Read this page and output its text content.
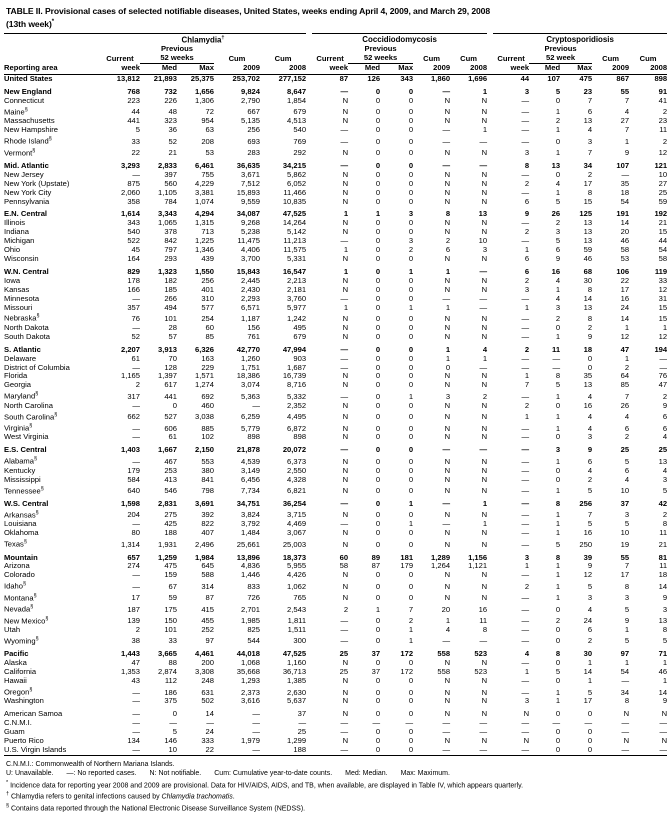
TABLE II. Provisional cases of selected notifiable diseases, United States, weeks ending April 4, 2009, and March 29, 2008
(13th week)*
	Chlamydia†						Coccidiodomycosis						Cryptosporidiosis				
		Previous						Previous						Previous			
	Current	52 weeks		Cum	Cum		Current	52 weeks		Cum	Cum		Current	52 week		Cum	Cum
Reporting area	week	Med	Max	2009	2008		week	Med	Max	2009	2008		week	Med	Max	2009	2008

United States	13,812	21,893	25,375	253,702	277,152		87	126	343	1,860	1,696		44	107	475	867	898

New England	768	732	1,656	9,824	8,647		—	0	0	—	1		3	5	23	55	91
Connecticut	223	226	1,306	2,790	1,854		N	0	0	N	N		—	0	7	7	41
Maine§	44	48	72	667	679		N	0	0	N	N		—	1	6	4	2
Massachusetts	441	323	954	5,135	4,513		N	0	0	N	N		—	2	13	27	23
New Hampshire	5	36	63	256	540		—	0	0	—	1		—	1	4	7	11
Rhode Island§	33	52	208	693	769		—	0	0	—	—		—	0	3	1	2
Vermont§	22	21	53	283	292		N	0	0	N	N		3	1	7	9	12

Mid. Atlantic	3,293	2,833	6,461	36,635	34,215		—	0	0	—	—		8	13	34	107	121
New Jersey	—	397	755	3,671	5,862		N	0	0	N	N		—	0	2	—	10
New York (Upstate)	875	560	4,229	7,512	6,052		N	0	0	N	N		2	4	17	35	27
New York City	2,060	1,105	3,381	15,893	11,466		N	0	0	N	N		—	1	8	18	25
Pennsylvania	358	784	1,074	9,559	10,835		N	0	0	N	N		6	5	15	54	59

E.N. Central	1,614	3,343	4,294	34,087	47,525		1	1	3	8	13		9	26	125	191	192
Illinois	343	1,065	1,315	9,268	14,264		N	0	0	N	N		—	2	13	14	21
Indiana	540	378	713	5,238	5,142		N	0	0	N	N		2	3	13	20	15
Michigan	522	842	1,225	11,475	11,213		—	0	3	2	10		—	5	13	46	44
Ohio	45	797	1,346	4,406	11,575		1	0	2	6	3		1	6	59	58	54
Wisconsin	164	293	439	3,700	5,331		N	0	0	N	N		6	9	46	53	58

W.N. Central	829	1,323	1,550	15,843	16,547		1	0	1	1	—		6	16	68	106	119
Iowa	178	182	256	2,445	2,213		N	0	0	N	N		2	4	30	22	33
Kansas	166	185	401	2,430	2,181		N	0	0	N	N		3	1	8	17	12
Minnesota	—	266	310	2,293	3,760		—	0	0	—	—		—	4	14	16	31
Missouri	357	494	577	6,571	5,977		1	0	1	1	—		1	3	13	24	15
Nebraska§	76	101	254	1,187	1,242		N	0	0	N	N		—	2	8	14	15
North Dakota	—	28	60	156	495		N	0	0	N	N		—	0	2	1	1
South Dakota	52	57	85	761	679		N	0	0	N	N		—	1	9	12	12

S. Atlantic	2,207	3,913	6,326	42,770	47,994		—	0	0	1	4		2	11	18	47	194
Delaware	61	70	163	1,260	903		—	0	0	1	1		—	—	0	1	—
District of Columbia	—	128	229	1,751	1,687		—	0	0	0	—		—	—	0	2	—
Florida	1,165	1,397	1,571	18,386	16,739		N	0	0	N	N		1	8	35	64	76
Georgia	2	617	1,274	3,074	8,716		N	0	0	N	N		7	5	13	85	47
Maryland§	317	441	692	5,363	5,332		—	0	1	3	2		—	1	4	7	2
North Carolina	—	0	460	—	2,352		N	0	0	N	N		2	0	16	26	9
South Carolina§	662	527	3,038	6,259	4,495		N	0	0	N	N		1	1	4	4	6
Virginia§	—	606	885	5,779	6,872		N	0	0	N	N		—	1	4	6	6
West Virginia	—	61	102	898	898		N	0	0	N	N		—	0	3	2	4

E.S. Central	1,403	1,667	2,150	21,878	20,072		—	0	0	—	—		—	3	9	25	25
Alabama§	—	467	553	4,539	6,373		N	0	0	N	N		—	1	6	5	13
Kentucky	179	253	380	3,149	2,550		N	0	0	N	N		—	0	4	6	4
Mississippi	584	413	841	6,456	4,328		N	0	0	N	N		—	0	2	4	3
Tennessee§	640	546	798	7,734	6,821		N	0	0	N	N		—	1	5	10	5

W.S. Central	1,598	2,831	3,691	34,751	36,254		—	0	1	—	1		—	8	256	37	42
Arkansas§	204	275	392	3,824	3,715		N	0	0	N	N		—	1	7	3	2
Louisiana	—	425	822	3,792	4,469		—	0	1	—	1		—	1	5	5	8
Oklahoma	80	188	407	1,484	3,067		N	0	0	N	N		—	1	16	10	11
Texas§	1,314	1,931	2,496	25,661	25,003		N	0	0	N	N		—	5	250	19	21

Mountain	657	1,259	1,984	13,896	18,373		60	89	181	1,289	1,156		3	8	39	55	81
Arizona	274	475	645	4,836	5,955		58	87	179	1,264	1,121		1	1	9	7	11
Colorado	—	159	588	1,446	4,426		N	0	0	N	N		—	1	12	17	18
Idaho§	—	67	314	833	1,062		N	0	0	N	N		2	1	5	8	14
Montana§	17	59	87	726	765		N	0	0	N	N		—	1	3	3	9
Nevada§	187	175	415	2,701	2,543		2	1	7	20	16		—	0	4	5	3
New Mexico§	139	150	455	1,985	1,811		—	0	2	1	11		—	2	24	9	13
Utah	2	101	252	825	1,511		—	0	1	4	8		—	0	6	1	8
Wyoming§	38	33	97	544	300		—	0	1	—	—		—	0	2	5	5

Pacific	1,443	3,665	4,461	44,018	47,525		25	37	172	558	523		4	8	30	97	71
Alaska	47	88	200	1,068	1,160		N	0	0	N	N		—	0	1	1	1
California	1,353	2,874	3,308	35,668	36,713		25	37	172	558	523		1	5	14	54	46
Hawaii	43	112	248	1,293	1,385		N	0	0	N	N		—	0	1	—	1
Oregon§	—	186	631	2,373	2,630		N	0	0	N	N		—	1	5	34	14
Washington	—	375	502	3,616	5,637		N	0	0	N	N		3	1	17	8	9

American Samoa	—	0	14	—	37		N	0	0	N	N		N	0	0	N	N
C.N.M.I.	—	—	—	—	—		—	—	—	—	—		—	—	—	—	—
Guam	—	5	24	—	25		—	0	0	—	—		—	0	0	—	—
Puerto Rico	134	146	333	1,979	1,299		N	0	0	N	N		N	0	0	N	N
U.S. Virgin Islands	—	10	22	—	188		—	0	0	—	—		—	0	0	—	—

C.N.M.I.: Commonwealth of Northern Mariana Islands.
U: Unavailable. —: No reported cases. N: Not notifiable. Cum: Cumulative year-to-date counts. Med: Median. Max: Maximum.
* Incidence data for reporting year 2008 and 2009 are provisional. Data for HIV/AIDS, AIDS, and TB, when available, are displayed in Table IV, which appears quarterly.
† Chlamydia refers to genital infections caused by Chlamydia trachomatis.
§ Contains data reported through the National Electronic Disease Surveillance System (NEDSS).
